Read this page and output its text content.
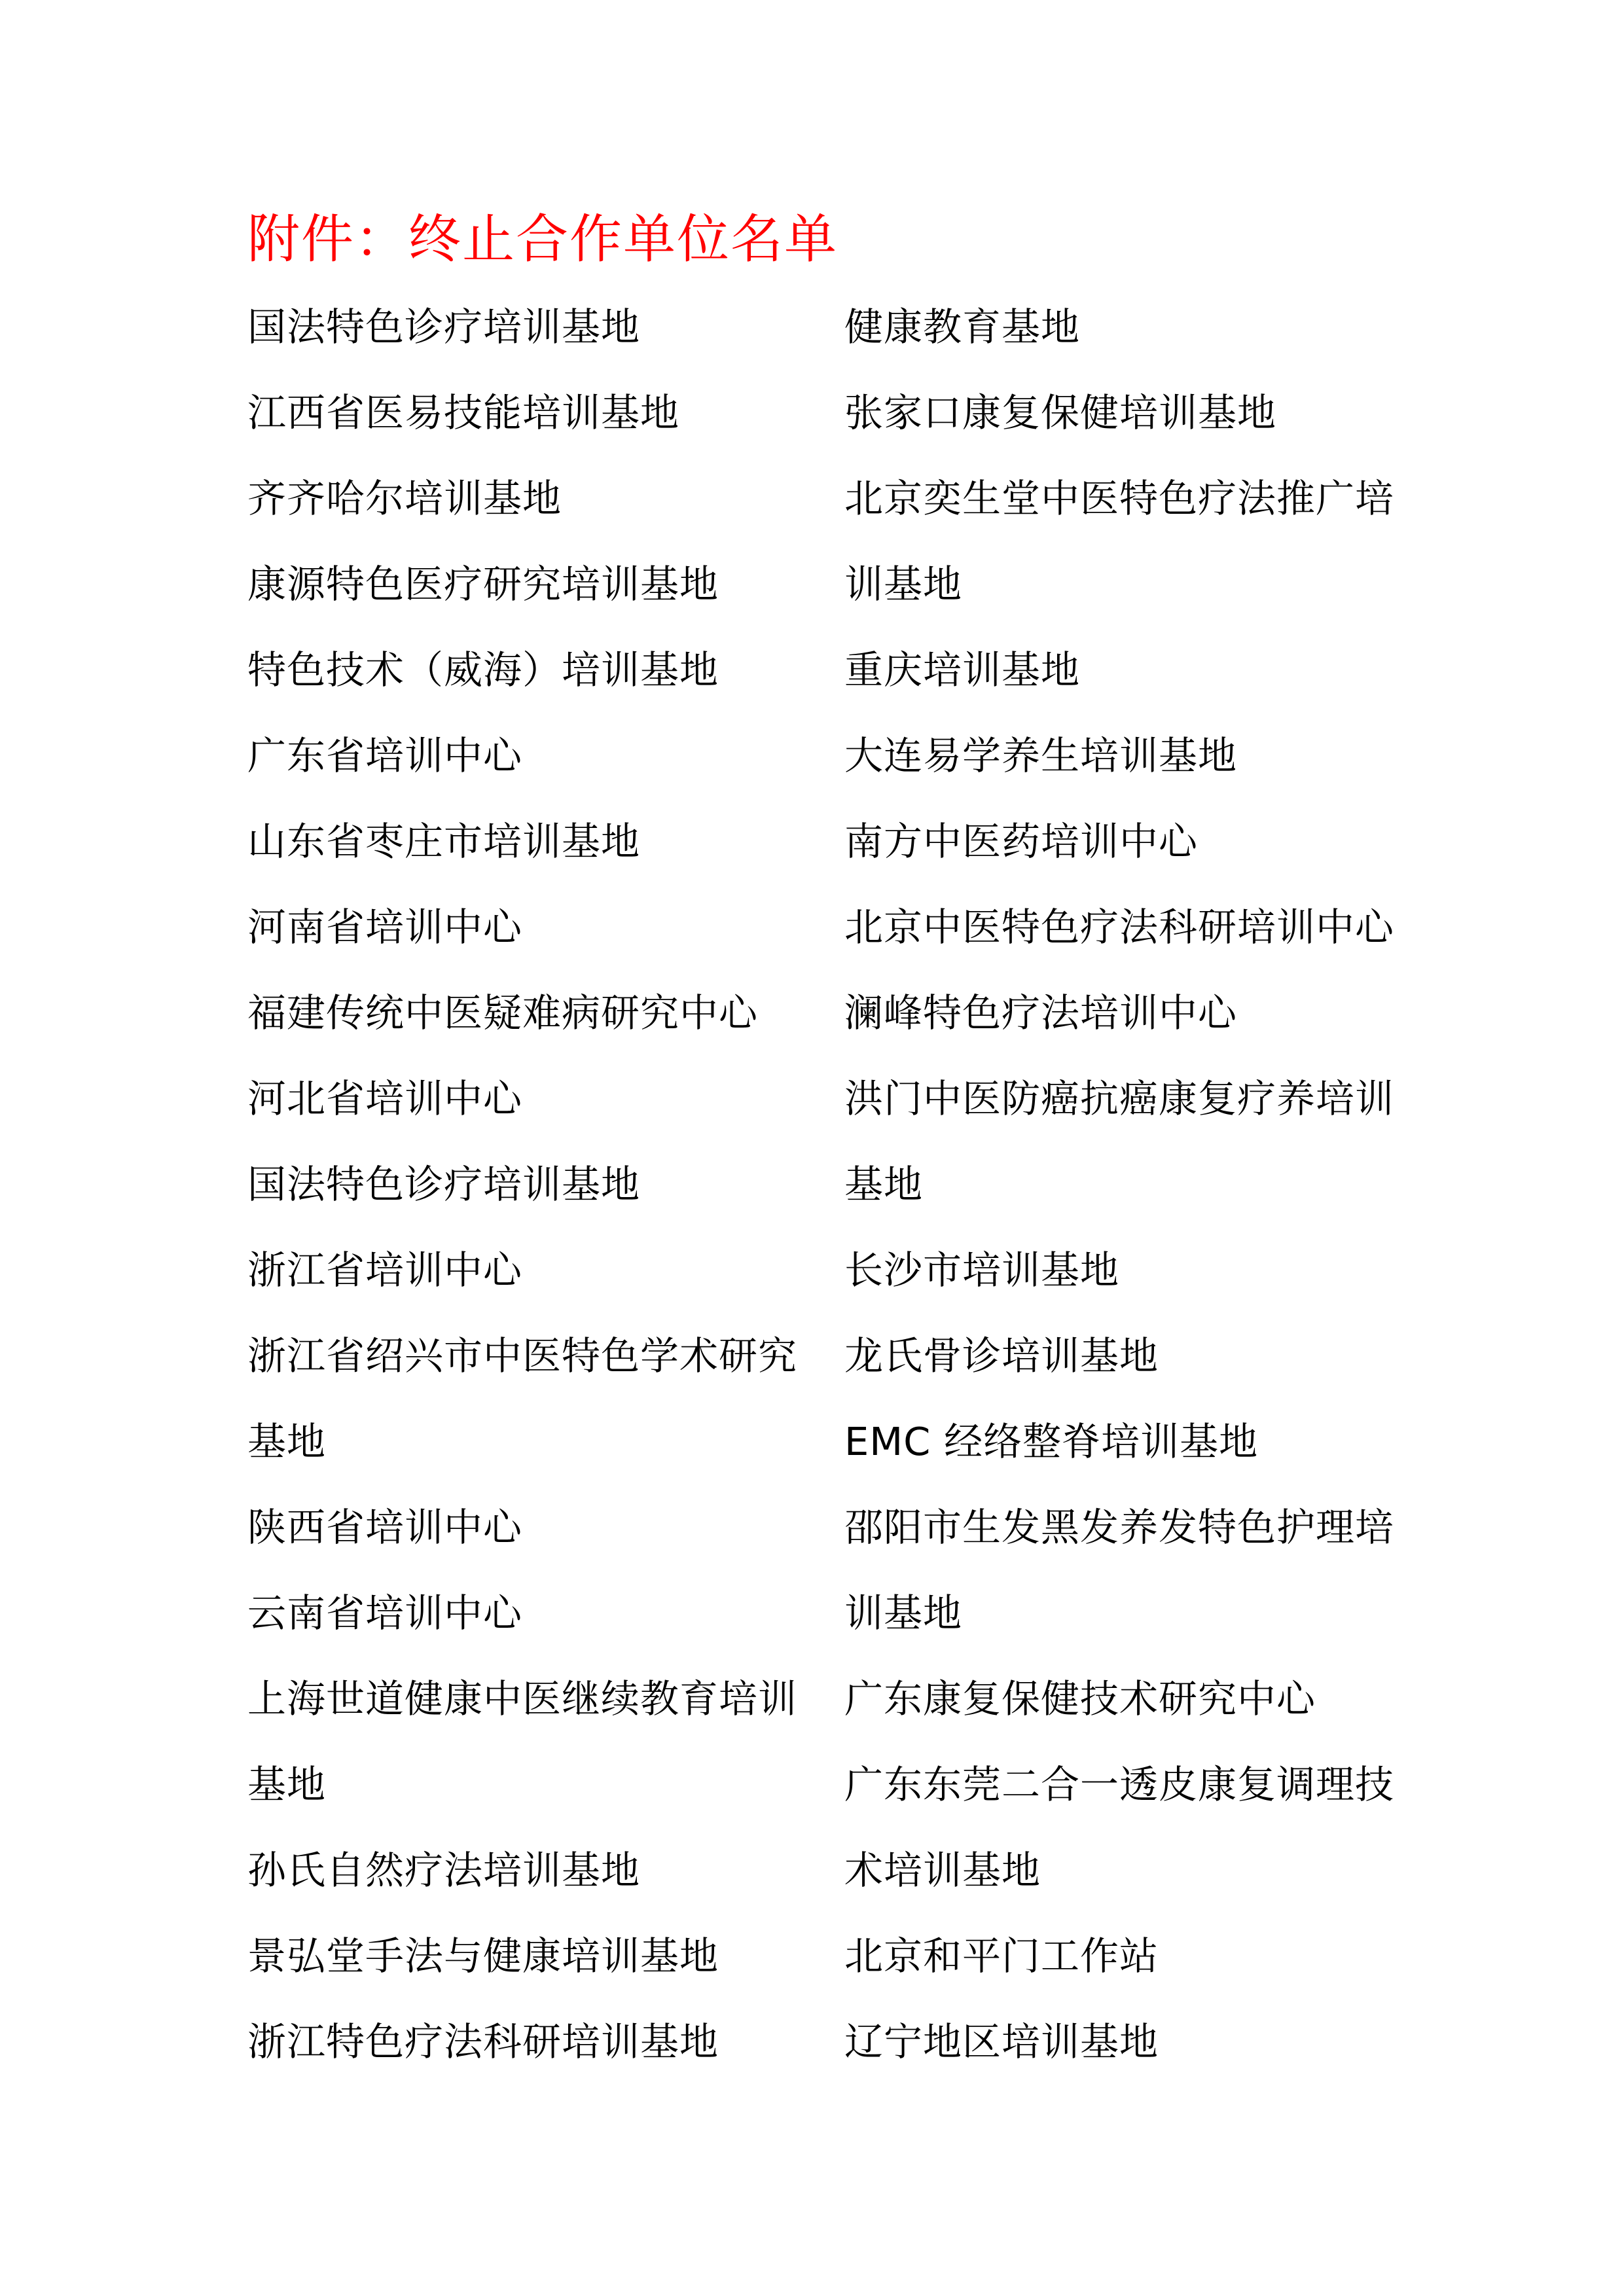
附件：终止合作单位名单
国法特色诊疗培训基地
江西省医易技能培训基地
齐齐哈尔培训基地
康源特色医疗研究培训基地
特色技术（威海）培训基地
广东省培训中心
山东省枣庄市培训基地
河南省培训中心
福建传统中医疑难病研究中心
河北省培训中心
国法特色诊疗培训基地
浙江省培训中心
浙江省绍兴市中医特色学术研究
基地
陕西省培训中心
云南省培训中心
上海世道健康中医继续教育培训
基地
孙氏自然疗法培训基地
景弘堂手法与健康培训基地
浙江特色疗法科研培训基地
健康教育基地
张家口康复保健培训基地
北京奕生堂中医特色疗法推广培
训基地
重庆培训基地
大连易学养生培训基地
南方中医药培训中心
北京中医特色疗法科研培训中心
澜峰特色疗法培训中心
洪门中医防癌抗癌康复疗养培训
基地
长沙市培训基地
龙氏骨诊培训基地
EMC 经络整脊培训基地
邵阳市生发黑发养发特色护理培
训基地
广东康复保健技术研究中心
广东东莞二合一透皮康复调理技
术培训基地
北京和平门工作站
辽宁地区培训基地
